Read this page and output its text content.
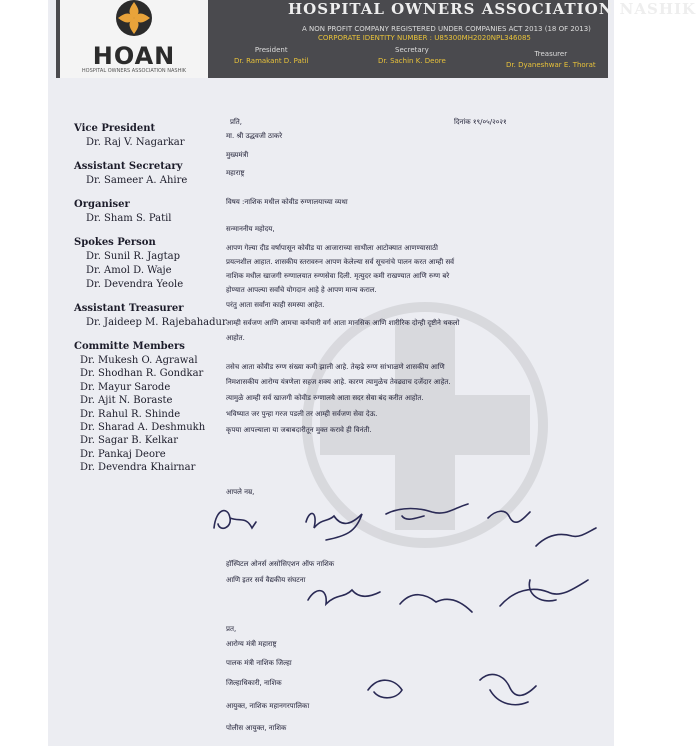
HOSPITAL OWNERS ASSOCIATION NASHIK
A NON PROFIT COMPANY REGISTERED UNDER COMPANIES ACT 2013 (18 OF 2013)
CORPORATE IDENTITY NUMBER : U85300MH2020NPL346085
President
Dr. Ramakant D. Patil
Secretary
Dr. Sachin K. Deore
Treasurer
Dr. Dyaneshwar E. Thorat
HOAN
HOSPITAL OWNERS ASSOCIATION NASHIK
Vice President
Dr. Raj V. Nagarkar
Assistant Secretary
Dr. Sameer A. Ahire
Organiser
Dr. Sham S. Patil
Spokes Person
Dr. Sunil R. Jagtap
Dr. Amol D. Waje
Dr. Devendra Yeole
Assistant Treasurer
Dr. Jaideep M. Rajebahadur
Committe Members
Dr. Mukesh O. Agrawal
Dr. Shodhan R. Gondkar
Dr. Mayur Sarode
Dr. Ajit N. Boraste
Dr. Rahul R. Shinde
Dr. Sharad A. Deshmukh
Dr. Sagar B. Kelkar
Dr. Pankaj Deore
Dr. Devendra Khairnar
प्रति,	दिनांक १९/०५/२०२१
मा. श्री उद्धवजी ठाकरे
मुख्यमंत्री
महाराष्ट्र
विषय :नाशिक मधील कोवीड रुग्णालयाच्या व्यथा
सन्माननीय महोदय,
आपण गेल्या दीड वर्षापासून कोवीड या आजाराच्या साथीला आटोक्यात आणण्यासाठी
प्रयत्नशील आहात. शासकीय स्तरावरुन आपण केलेल्या सर्व सूचनांचे पालन करत आम्ही सर्व
नाशिक मधील खाजगी रुग्णालयात रुग्णसेवा दिली. मृत्युदर कमी राखण्यात आणि रुग्ण बरे
होण्यात आपल्या सर्वांचे योगदान आहे हे आपण मान्य कराल.
परंतु आता सर्वांना काही समस्या आहेत.
आम्ही सर्वजण आणि आमचा कर्मचारी वर्ग आता मानसिक आणि शारीरिक दोन्ही दृष्टीने थकलो
आहोत.
तसेच आता कोवीड रुग्ण संख्या कमी झाली आहे. तेव्हढे रुग्ण सांभाळणे शासकीय आणि
निमशासकीय आरोग्य यंत्रणेला सहज शक्य आहे. कारण त्यामुळेच तेवढ्याच दर्जेदार आहेत.
त्यामुळे आम्ही सर्व खाजगी कोवीड रुग्णालये आता सदर सेवा बंद करीत आहोत.
भविष्यात जर पुन्हा गरज पडली तर आम्ही सर्वजण सेवा देऊ.
कृपया आपल्याला या जबाबदारीतून मुक्त करावे ही विनंती.
आपले नम्र,
हॉस्पिटल ओनर्स असोसिएशन ऑफ नाशिक
आणि इतर सर्व वैद्यकीय संघटना
प्रत,
आरोग्य मंत्री महाराष्ट्र
पालक मंत्री नाशिक जिल्हा
जिल्हाधिकारी, नाशिक
आयुक्त, नाशिक महानगरपालिका
पोलीस आयुक्त, नाशिक
